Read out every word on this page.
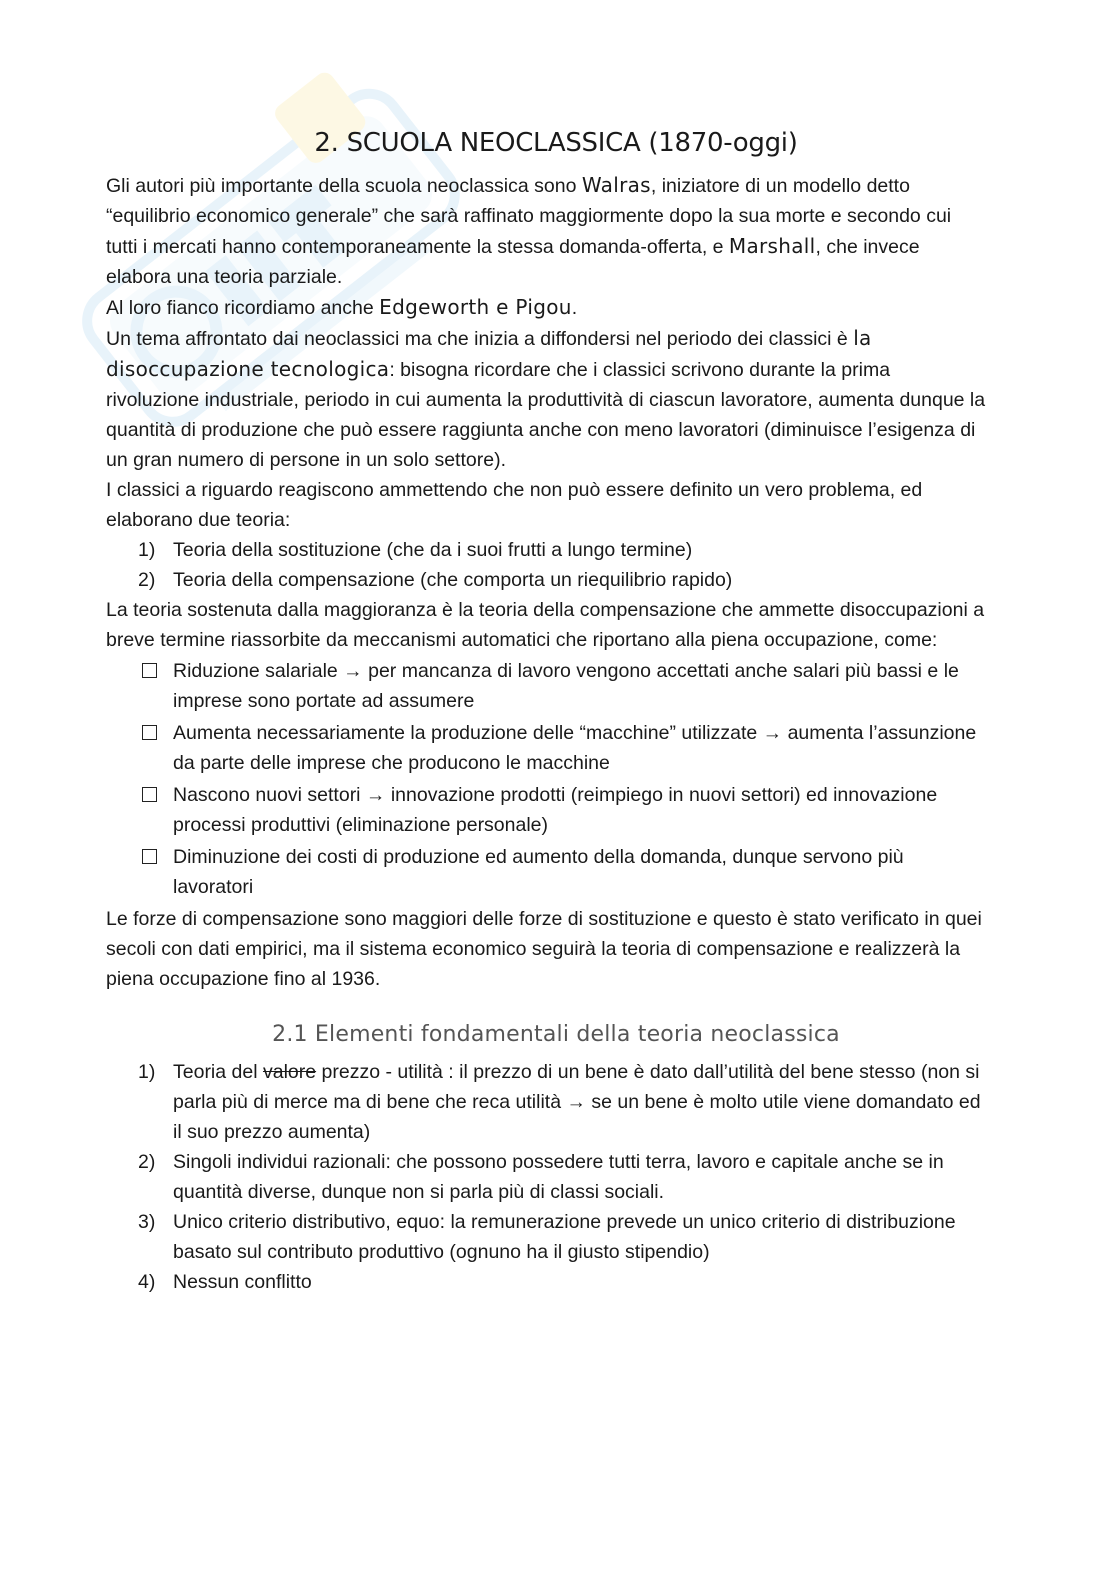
2. SCUOLA NEOCLASSICA (1870-oggi)

Gli autori più importante della scuola neoclassica sono Walras, iniziatore di un modello detto “equilibrio economico generale” che sarà raffinato maggiormente dopo la sua morte e secondo cui tutti i mercati hanno contemporaneamente la stessa domanda-offerta, e Marshall, che invece elabora una teoria parziale.

Al loro fianco ricordiamo anche Edgeworth e Pigou.

Un tema affrontato dai neoclassici ma che inizia a diffondersi nel periodo dei classici è la disoccupazione tecnologica: bisogna ricordare che i classici scrivono durante la prima rivoluzione industriale, periodo in cui aumenta la produttività di ciascun lavoratore, aumenta dunque la quantità di produzione che può essere raggiunta anche con meno lavoratori (diminuisce l’esigenza di un gran numero di persone in un solo settore).

I classici a riguardo reagiscono ammettendo che non può essere definito un vero problema, ed elaborano due teoria:

1) Teoria della sostituzione (che da i suoi frutti a lungo termine)
2) Teoria della compensazione (che comporta un riequilibrio rapido)

La teoria sostenuta dalla maggioranza è la teoria della compensazione che ammette disoccupazioni a breve termine riassorbite da meccanismi automatici che riportano alla piena occupazione, come:

Riduzione salariale → per mancanza di lavoro vengono accettati anche salari più bassi e le imprese sono portate ad assumere
Aumenta necessariamente la produzione delle “macchine” utilizzate → aumenta l’assunzione da parte delle imprese che producono le macchine
Nascono nuovi settori → innovazione prodotti (reimpiego in nuovi settori) ed innovazione processi produttivi (eliminazione personale)
Diminuzione dei costi di produzione ed aumento della domanda, dunque servono più lavoratori

Le forze di compensazione sono maggiori delle forze di sostituzione e questo è stato verificato in quei secoli con dati empirici, ma il sistema economico seguirà la teoria di compensazione e realizzerà la piena occupazione fino al 1936.

2.1 Elementi fondamentali della teoria neoclassica
1) Teoria del valore prezzo - utilità : il prezzo di un bene è dato dall’utilità del bene stesso (non si parla più di merce ma di bene che reca utilità → se un bene è molto utile viene domandato ed il suo prezzo aumenta)
2) Singoli individui razionali: che possono possedere tutti terra, lavoro e capitale anche se in quantità diverse, dunque non si parla più di classi sociali.
3) Unico criterio distributivo, equo: la remunerazione prevede un unico criterio di distribuzione basato sul contributo produttivo (ognuno ha il giusto stipendio)
4) Nessun conflitto
